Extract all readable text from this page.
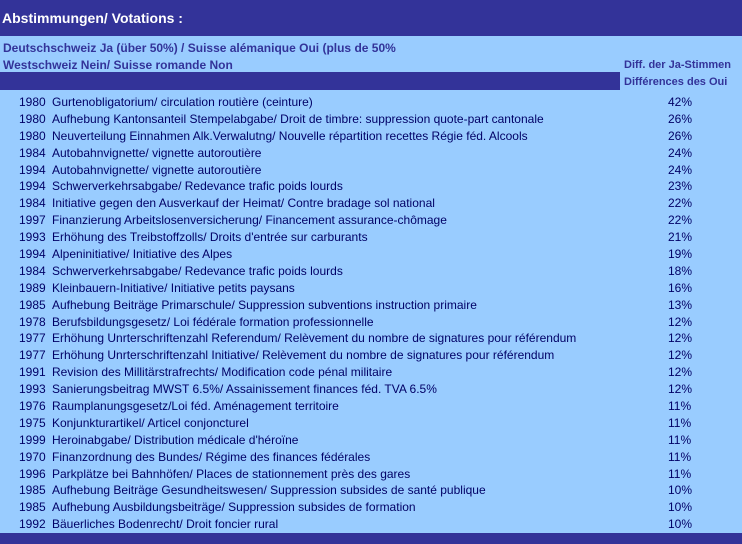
Abstimmungen/ Votations :
Deutschschweiz Ja (über 50%) / Suisse alémanique Oui (plus de 50%
Westschweiz Nein/ Suisse romande Non	Diff. der Ja-Stimmen
Différences des Oui
1980 Gurtenobligatorium/ circulation routière (ceinture)	42%
1980 Aufhebung Kantonsanteil Stempelabgabe/ Droit de timbre: suppression quote-part cantonale	26%
1980 Neuverteilung Einnahmen Alk.Verwalutng/ Nouvelle répartition recettes Régie féd. Alcools	26%
1984 Autobahnvignette/ vignette autoroutière	24%
1994 Autobahnvignette/ vignette autoroutière	24%
1994 Schwerverkehrsabgabe/ Redevance trafic poids lourds	23%
1984 Initiative gegen den Ausverkauf der Heimat/ Contre bradage sol national	22%
1997 Finanzierung Arbeitslosenversicherung/ Financement assurance-chômage	22%
1993 Erhöhung des Treibstoffzolls/ Droits d'entrée sur carburants	21%
1994 Alpeninitiative/ Initiative des Alpes	19%
1984 Schwerverkehrsabgabe/ Redevance trafic poids lourds	18%
1989 Kleinbauern-Initiative/ Initiative petits paysans	16%
1985 Aufhebung Beiträge Primarschule/ Suppression subventions instruction primaire	13%
1978 Berufsbildungsgesetz/ Loi fédérale formation professionnelle	12%
1977 Erhöhung Unrterschriftenzahl Referendum/ Relèvement du nombre de signatures pour référendum	12%
1977 Erhöhung Unrterschriftenzahl Initiative/ Relèvement du nombre de signatures pour référendum	12%
1991 Revision des Millitärstrafrechts/ Modification code pénal militaire	12%
1993 Sanierungsbeitrag MWST 6.5%/ Assainissement finances féd. TVA 6.5%	12%
1976 Raumplanungsgesetz/Loi féd. Aménagement territoire	11%
1975 Konjunkturartikel/ Articel conjoncturel	11%
1999 Heroinabgabe/ Distribution médicale d'héroïne	11%
1970 Finanzordnung des Bundes/ Régime des finances fédérales	11%
1996 Parkplätze bei Bahnhöfen/ Places de stationnement près des gares	11%
1985 Aufhebung Beiträge Gesundheitswesen/ Suppression subsides de santé publique	10%
1985 Aufhebung Ausbildungsbeiträge/ Suppression subsides de formation	10%
1992 Bäuerliches Bodenrecht/ Droit foncier rural	10%
